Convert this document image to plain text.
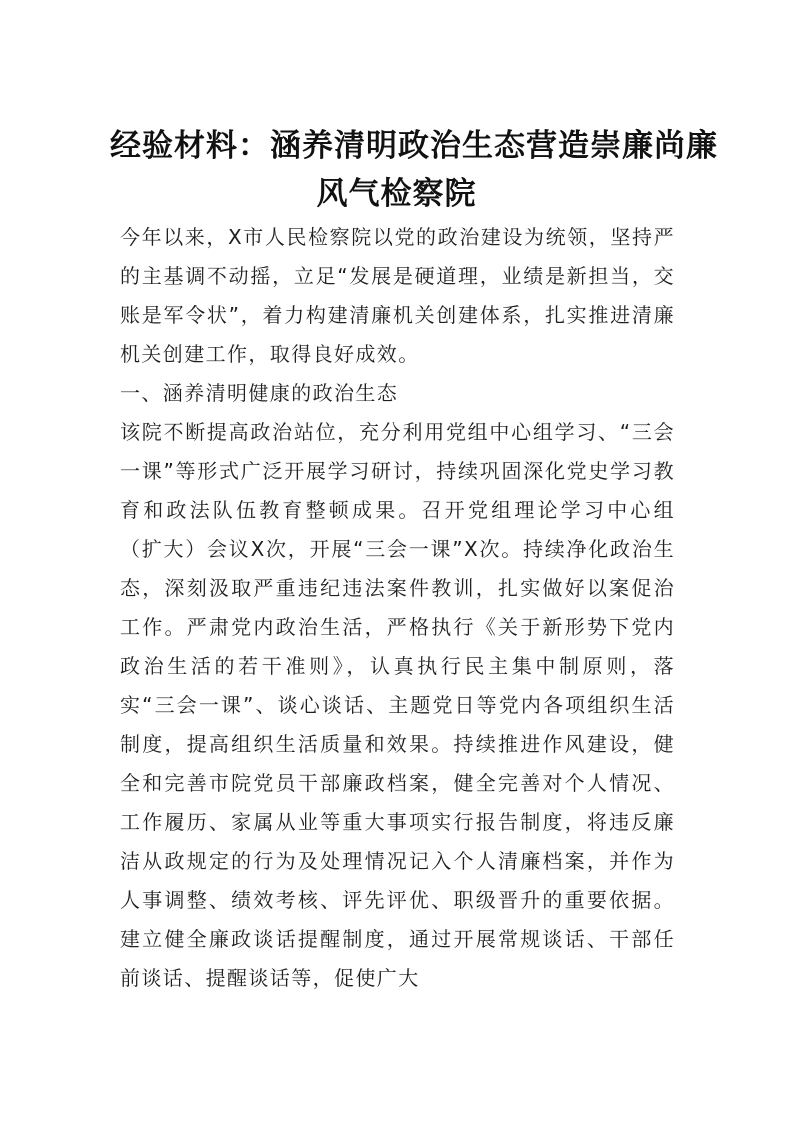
经验材料：涵养清明政治生态营造崇廉尚廉
风气检察院

今年以来，X市人民检察院以党的政治建设为统领，坚持严的主基调不动摇，立足“发展是硬道理，业绩是新担当，交账是军令状”，着力构建清廉机关创建体系，扎实推进清廉机关创建工作，取得良好成效。

一、涵养清明健康的政治生态

该院不断提高政治站位，充分利用党组中心组学习、“三会一课”等形式广泛开展学习研讨，持续巩固深化党史学习教育和政法队伍教育整顿成果。召开党组理论学习中心组（扩大）会议X次，开展“三会一课”X次。持续净化政治生态，深刻汲取严重违纪违法案件教训，扎实做好以案促治工作。严肃党内政治生活，严格执行《关于新形势下党内政治生活的若干准则》，认真执行民主集中制原则，落实“三会一课”、谈心谈话、主题党日等党内各项组织生活制度，提高组织生活质量和效果。持续推进作风建设，健全和完善市院党员干部廉政档案，健全完善对个人情况、工作履历、家属从业等重大事项实行报告制度，将违反廉洁从政规定的行为及处理情况记入个人清廉档案，并作为人事调整、绩效考核、评先评优、职级晋升的重要依据。建立健全廉政谈话提醒制度，通过开展常规谈话、干部任前谈话、提醒谈话等，促使广大
